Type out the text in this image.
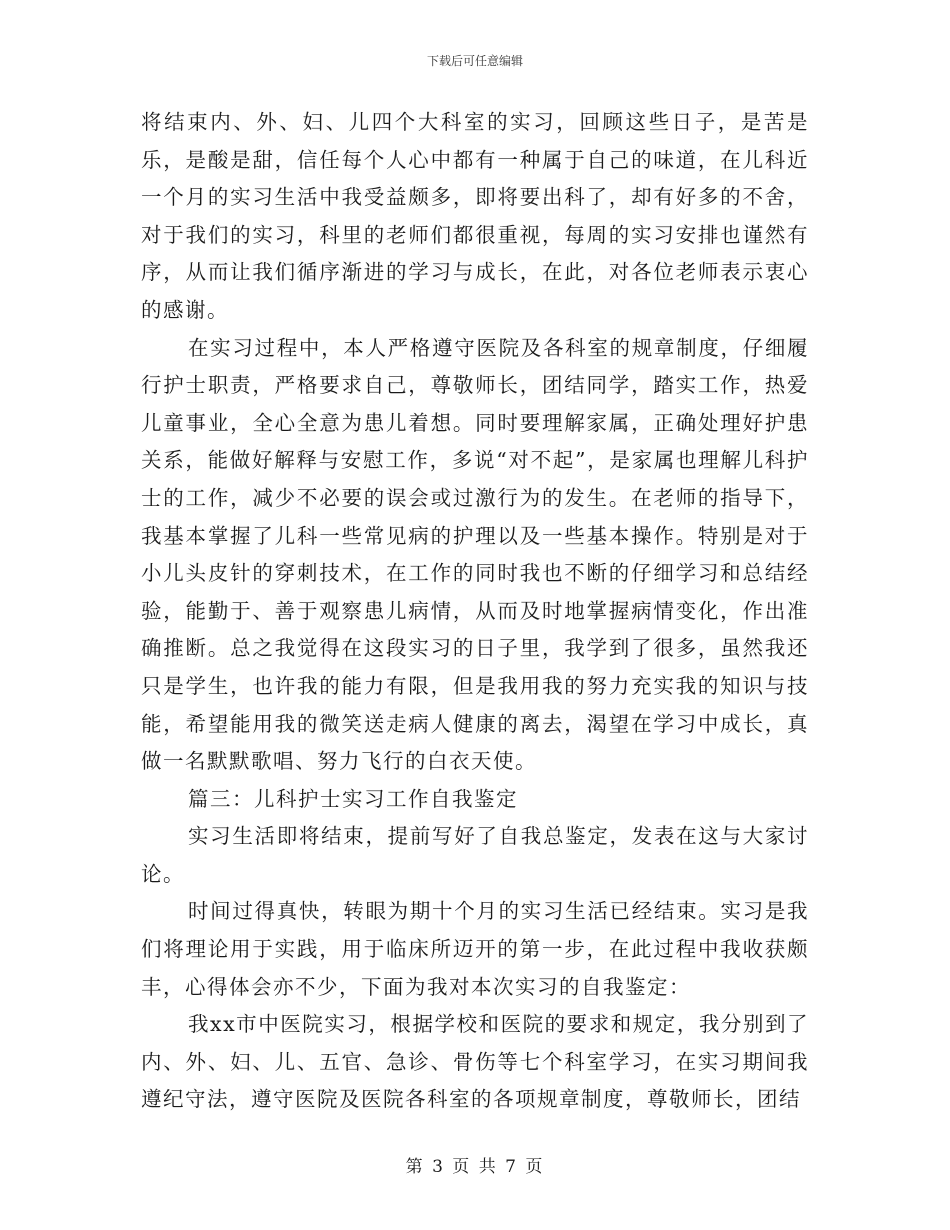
下载后可任意编辑

将结束内、外、妇、儿四个大科室的实习，回顾这些日子，是苦是乐，是酸是甜，信任每个人心中都有一种属于自己的味道，在儿科近一个月的实习生活中我受益颇多，即将要出科了，却有好多的不舍，对于我们的实习，科里的老师们都很重视，每周的实习安排也谨然有序，从而让我们循序渐进的学习与成长，在此，对各位老师表示衷心的感谢。

在实习过程中，本人严格遵守医院及各科室的规章制度，仔细履行护士职责，严格要求自己，尊敬师长，团结同学，踏实工作，热爱儿童事业，全心全意为患儿着想。同时要理解家属，正确处理好护患关系，能做好解释与安慰工作，多说“对不起”，是家属也理解儿科护士的工作，减少不必要的误会或过激行为的发生。在老师的指导下，我基本掌握了儿科一些常见病的护理以及一些基本操作。特别是对于小儿头皮针的穿刺技术，在工作的同时我也不断的仔细学习和总结经验，能勤于、善于观察患儿病情，从而及时地掌握病情变化，作出准确推断。总之我觉得在这段实习的日子里，我学到了很多，虽然我还只是学生，也许我的能力有限，但是我用我的努力充实我的知识与技能，希望能用我的微笑送走病人健康的离去，渴望在学习中成长，真做一名默默歌唱、努力飞行的白衣天使。

篇三：儿科护士实习工作自我鉴定

实习生活即将结束，提前写好了自我总鉴定，发表在这与大家讨论。

时间过得真快，转眼为期十个月的实习生活已经结束。实习是我们将理论用于实践，用于临床所迈开的第一步，在此过程中我收获颇丰，心得体会亦不少，下面为我对本次实习的自我鉴定：

我xx市中医院实习，根据学校和医院的要求和规定，我分别到了内、外、妇、儿、五官、急诊、骨伤等七个科室学习，在实习期间我遵纪守法，遵守医院及医院各科室的各项规章制度，尊敬师长，团结

第 3 页 共 7 页
